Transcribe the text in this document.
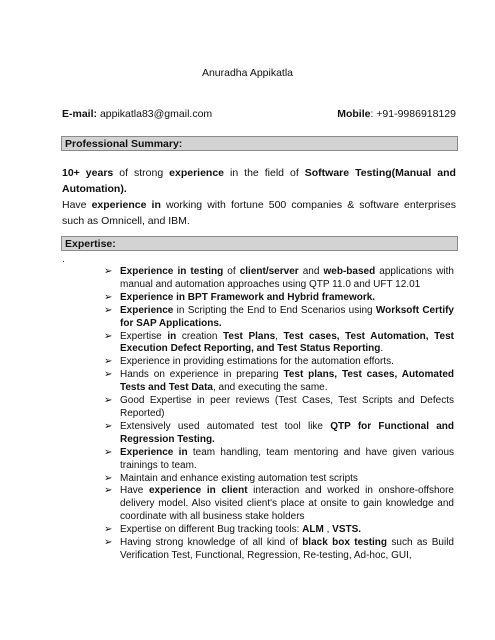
Anuradha Appikatla
E-mail: appikatla83@gmail.com	Mobile: +91-9986918129
Professional Summary:

10+ years of strong experience in the field of Software Testing(Manual and Automation).

Have experience in working with fortune 500 companies & software enterprises such as Omnicell, and IBM.

Expertise:
.
➢ Experience in testing of client/server and web-based applications with manual and automation approaches using QTP 11.0 and UFT 12.01
➢ Experience in BPT Framework and Hybrid framework.
➢ Experience in Scripting the End to End Scenarios using Worksoft Certify for SAP Applications.
➢ Expertise in creation Test Plans, Test cases, Test Automation, Test Execution Defect Reporting, and Test Status Reporting.
➢ Experience in providing estimations for the automation efforts.
➢ Hands on experience in preparing Test plans, Test cases, Automated Tests and Test Data, and executing the same.
➢ Good Expertise in peer reviews (Test Cases, Test Scripts and Defects Reported)
➢ Extensively used automated test tool like QTP for Functional and Regression Testing.
➢ Experience in team handling, team mentoring and have given various trainings to team.
➢ Maintain and enhance existing automation test scripts
➢ Have experience in client interaction and worked in onshore-offshore delivery model. Also visited client's place at onsite to gain knowledge and coordinate with all business stake holders
➢ Expertise on different Bug tracking tools: ALM , VSTS.
➢ Having strong knowledge of all kind of black box testing such as Build Verification Test, Functional, Regression, Re-testing, Ad-hoc, GUI,
